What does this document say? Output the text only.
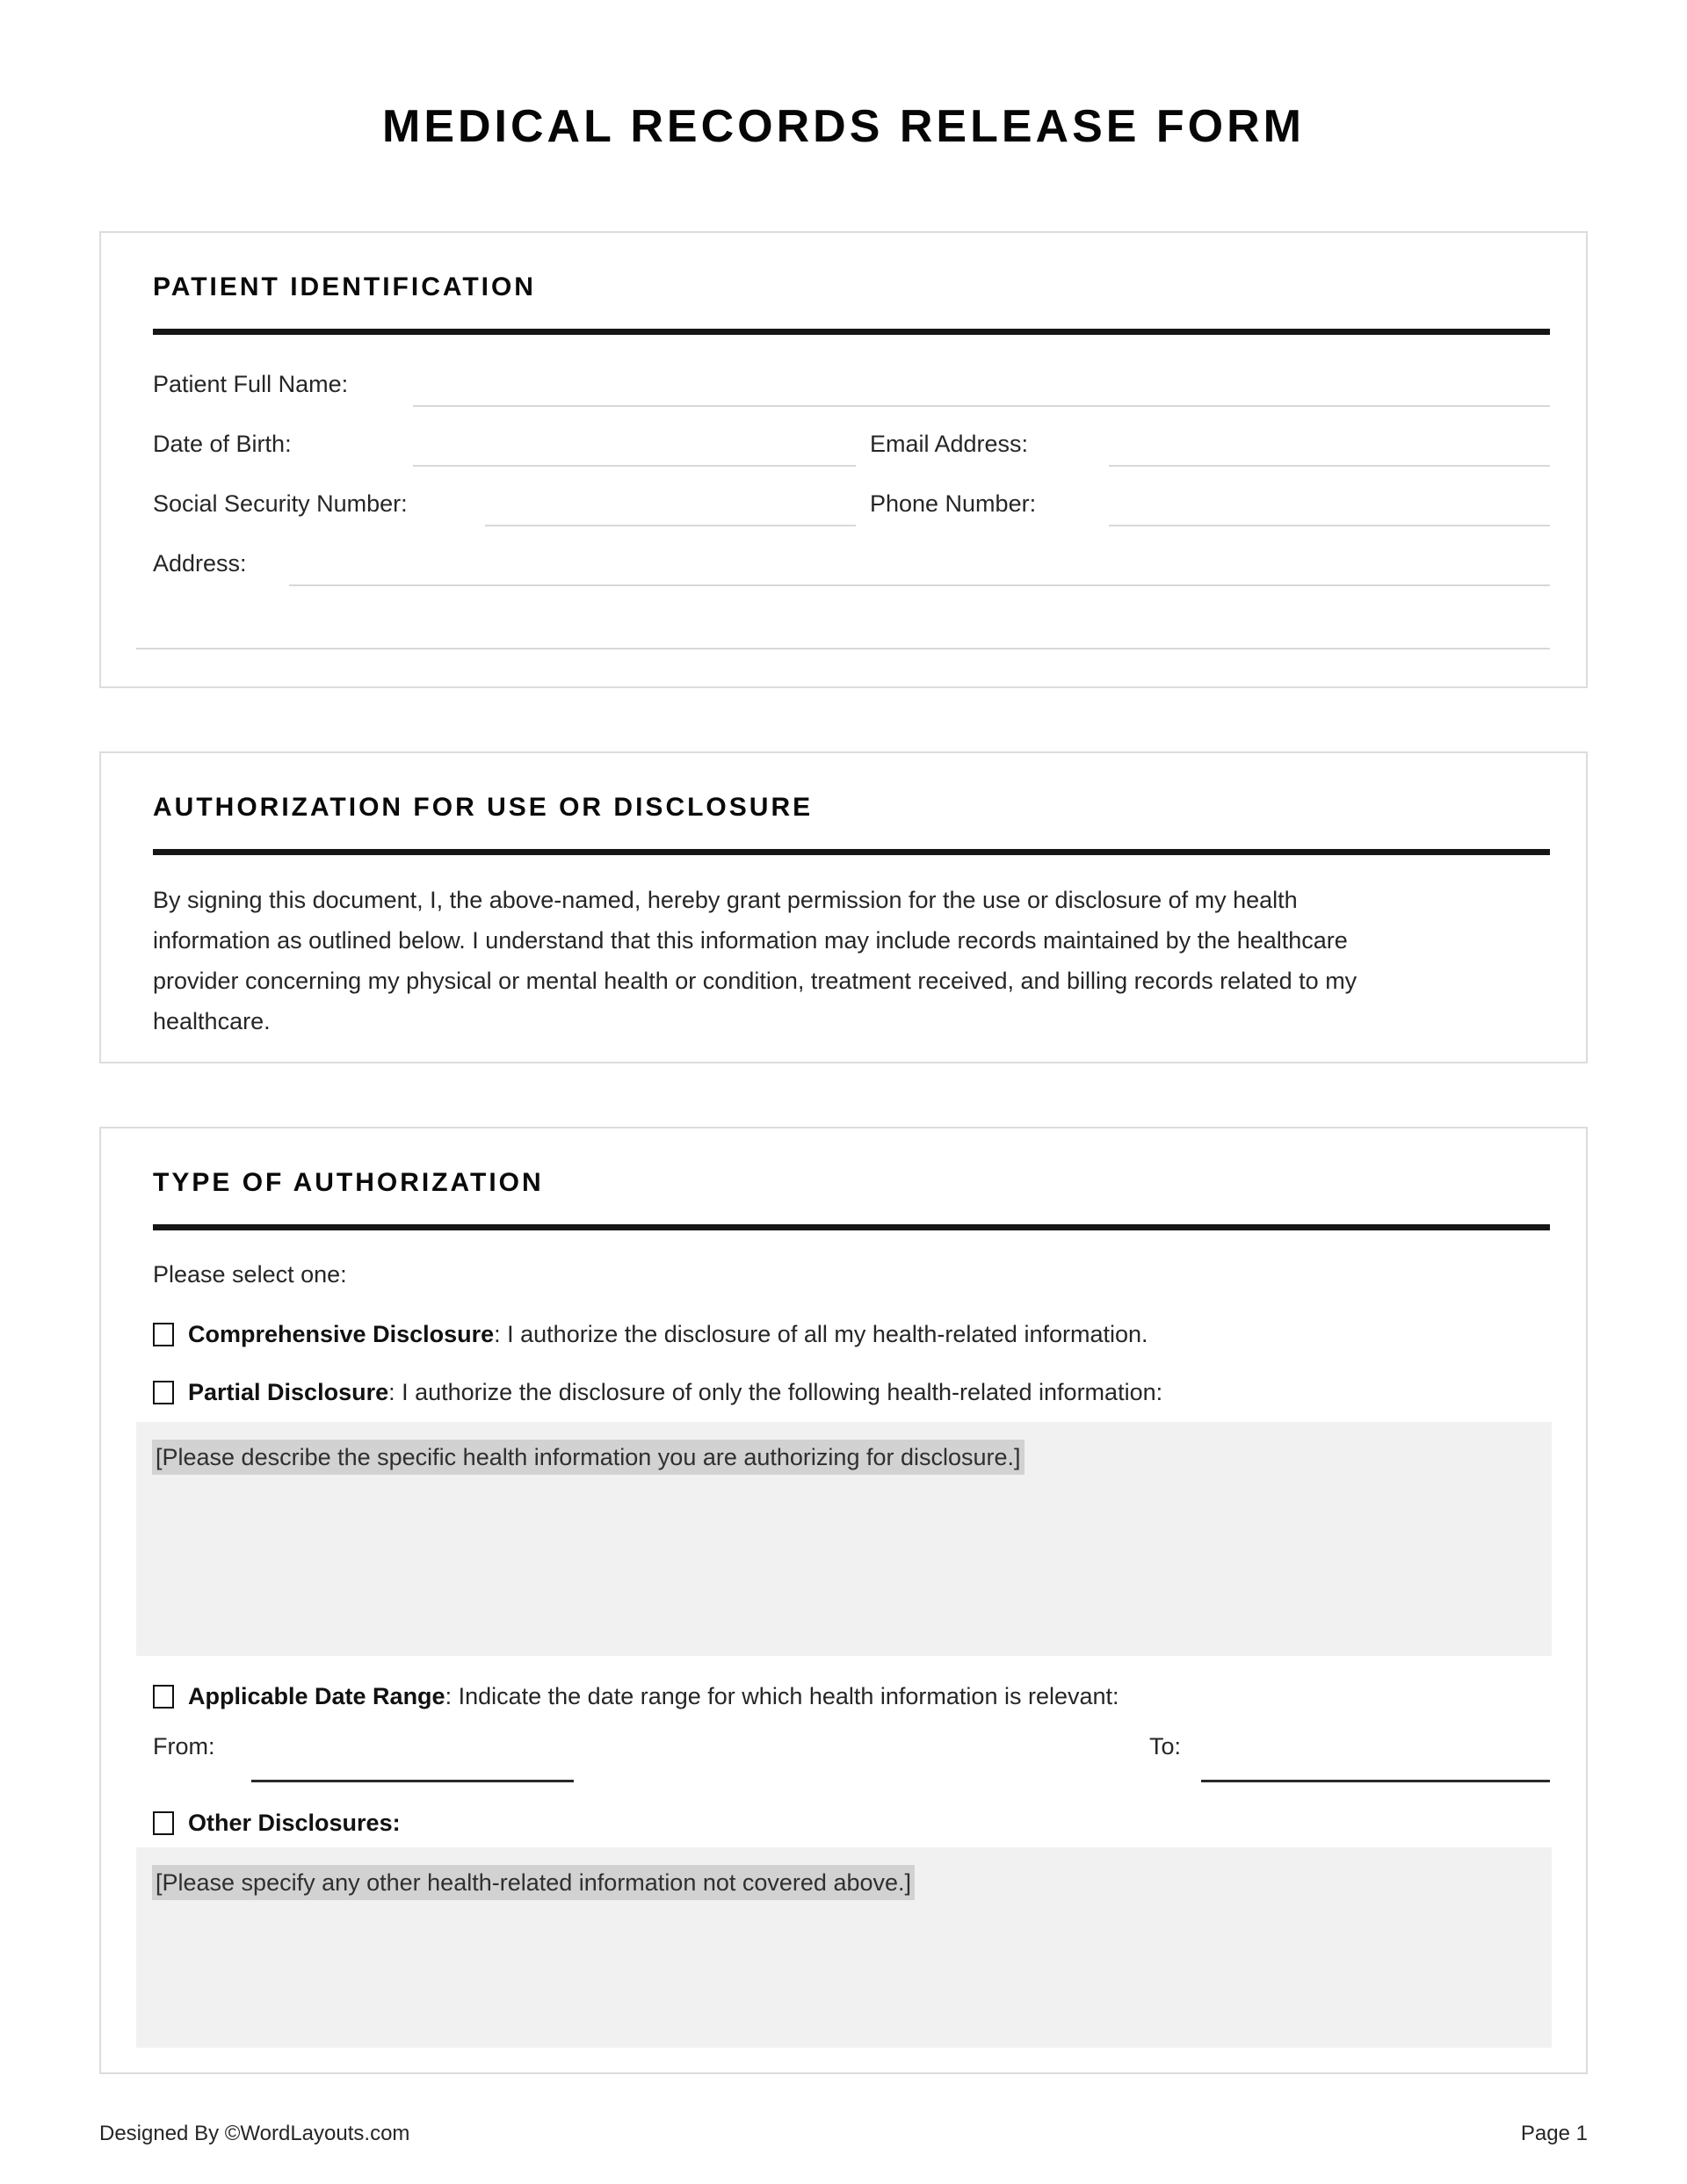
MEDICAL RECORDS RELEASE FORM
PATIENT IDENTIFICATION
Patient Full Name:
Date of Birth:	Email Address:
Social Security Number:	Phone Number:
Address:
AUTHORIZATION FOR USE OR DISCLOSURE
By signing this document, I, the above-named, hereby grant permission for the use or disclosure of my health information as outlined below. I understand that this information may include records maintained by the healthcare provider concerning my physical or mental health or condition, treatment received, and billing records related to my healthcare.
TYPE OF AUTHORIZATION
Please select one:
Comprehensive Disclosure: I authorize the disclosure of all my health-related information.
Partial Disclosure: I authorize the disclosure of only the following health-related information:
[Please describe the specific health information you are authorizing for disclosure.]
Applicable Date Range: Indicate the date range for which health information is relevant:
From:	To:
Other Disclosures:
[Please specify any other health-related information not covered above.]
Designed By ©WordLayouts.com	Page 1
